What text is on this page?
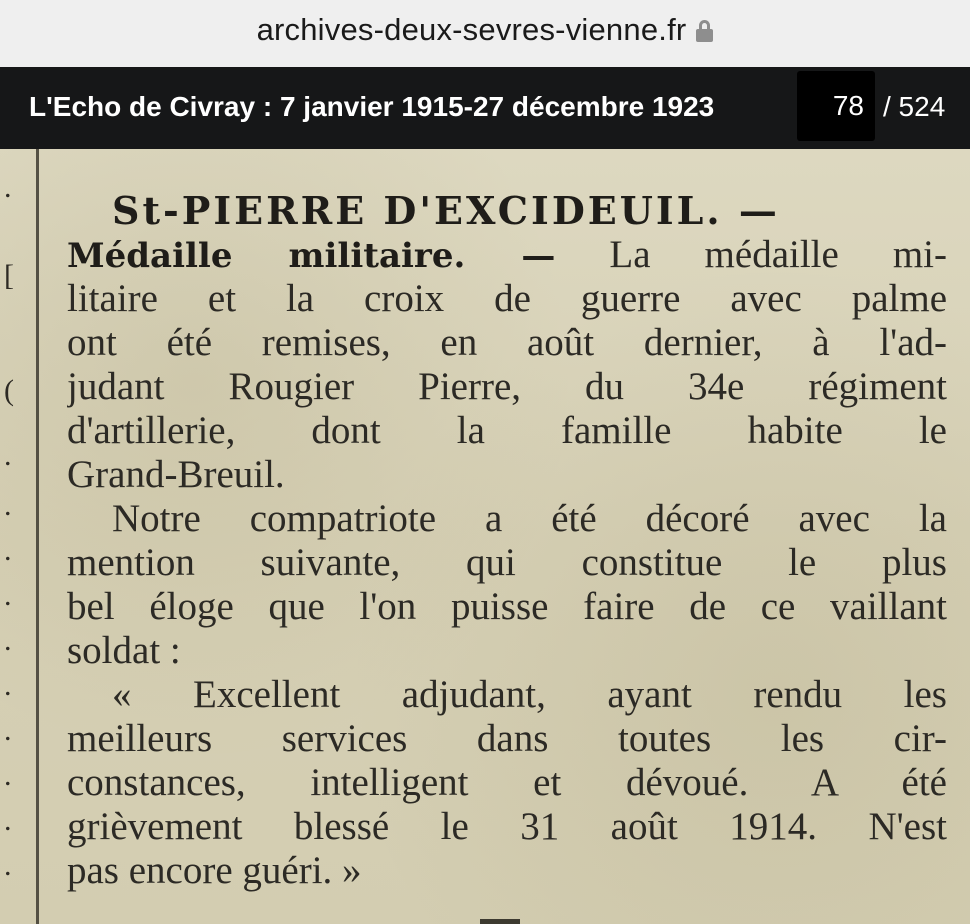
archives-deux-sevres-vienne.fr
L'Echo de Civray : 7 janvier 1915-27 décembre 1923	78 / 524
.
[
(
.
.
.
.
.
.
.
.
.
.
St-PIERRE D'EXCIDEUIL. —
Médaille militaire. — La médaille mi-
litaire et la croix de guerre avec palme
ont été remises, en août dernier, à l'ad-
judant Rougier Pierre, du 34e régiment
d'artillerie, dont la famille habite le
Grand-Breuil.
Notre compatriote a été décoré avec la
mention suivante, qui constitue le plus
bel éloge que l'on puisse faire de ce vaillant
soldat :
« Excellent adjudant, ayant rendu les
meilleurs services dans toutes les cir-
constances, intelligent et dévoué. A été
grièvement blessé le 31 août 1914. N'est
pas encore guéri. »
